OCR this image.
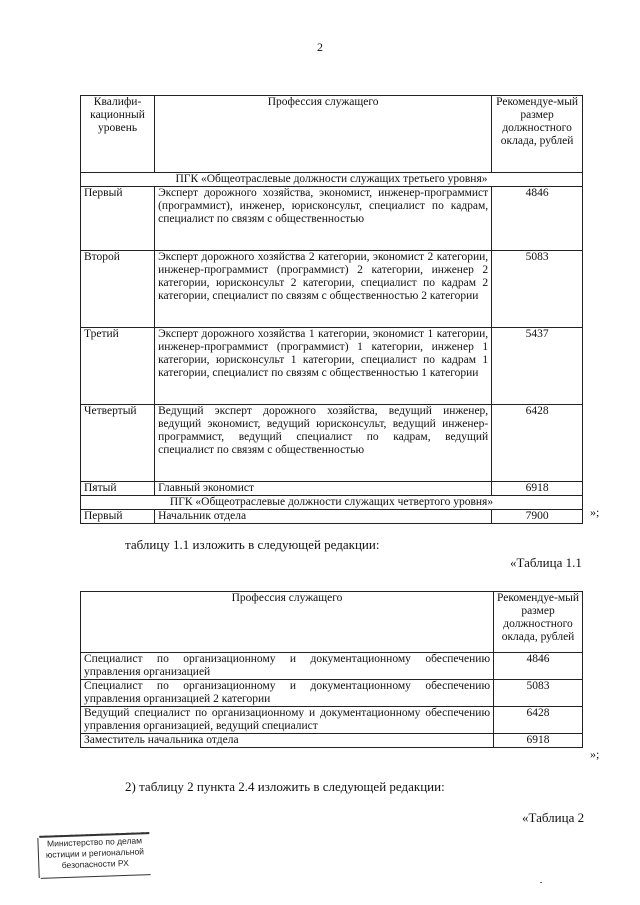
2
Квалифи-кационный уровень	Профессия служащего	Рекомендуе-мый размер должностного оклада, рублей
ПГК «Общеотраслевые должности служащих третьего уровня»		
Первый	Эксперт дорожного хозяйства, экономист, инженер-программист (программист), инженер, юрисконсульт, специалист по кадрам, специалист по связям с общественностью	4846
Второй	Эксперт дорожного хозяйства 2 категории, экономист 2 категории, инженер-программист (программист) 2 категории, инженер 2 категории, юрисконсульт 2 категории, специалист по кадрам 2 категории, специалист по связям с общественностью 2 категории	5083
Третий	Эксперт дорожного хозяйства 1 категории, экономист 1 категории, инженер-программист (программист) 1 категории, инженер 1 категории, юрисконсульт 1 категории, специалист по кадрам 1 категории, специалист по связям с общественностью 1 категории	5437
Четвертый	Ведущий эксперт дорожного хозяйства, ведущий инженер, ведущий экономист, ведущий юрисконсульт, ведущий инженер-программист, ведущий специалист по кадрам, ведущий специалист по связям с общественностью	6428
Пятый	Главный экономист	6918
ПГК «Общеотраслевые должности служащих четвертого уровня»		
Первый	Начальник отдела	7900	»;
таблицу 1.1 изложить в следующей редакции:
«Таблица 1.1
Профессия служащего	Рекомендуе-мый размер должностного оклада, рублей
Специалист по организационному и документационному обеспечению управления организацией	4846
Специалист по организационному и документационному обеспечению управления организацией 2 категории	5083
Ведущий специалист по организационному и документационному обеспечению управления организацией, ведущий специалист	6428
Заместитель начальника отдела	6918
»;
2) таблицу 2 пункта 2.4 изложить в следующей редакции:
«Таблица 2
Министерство по делам
юстиции и региональной
безопасности РХ
